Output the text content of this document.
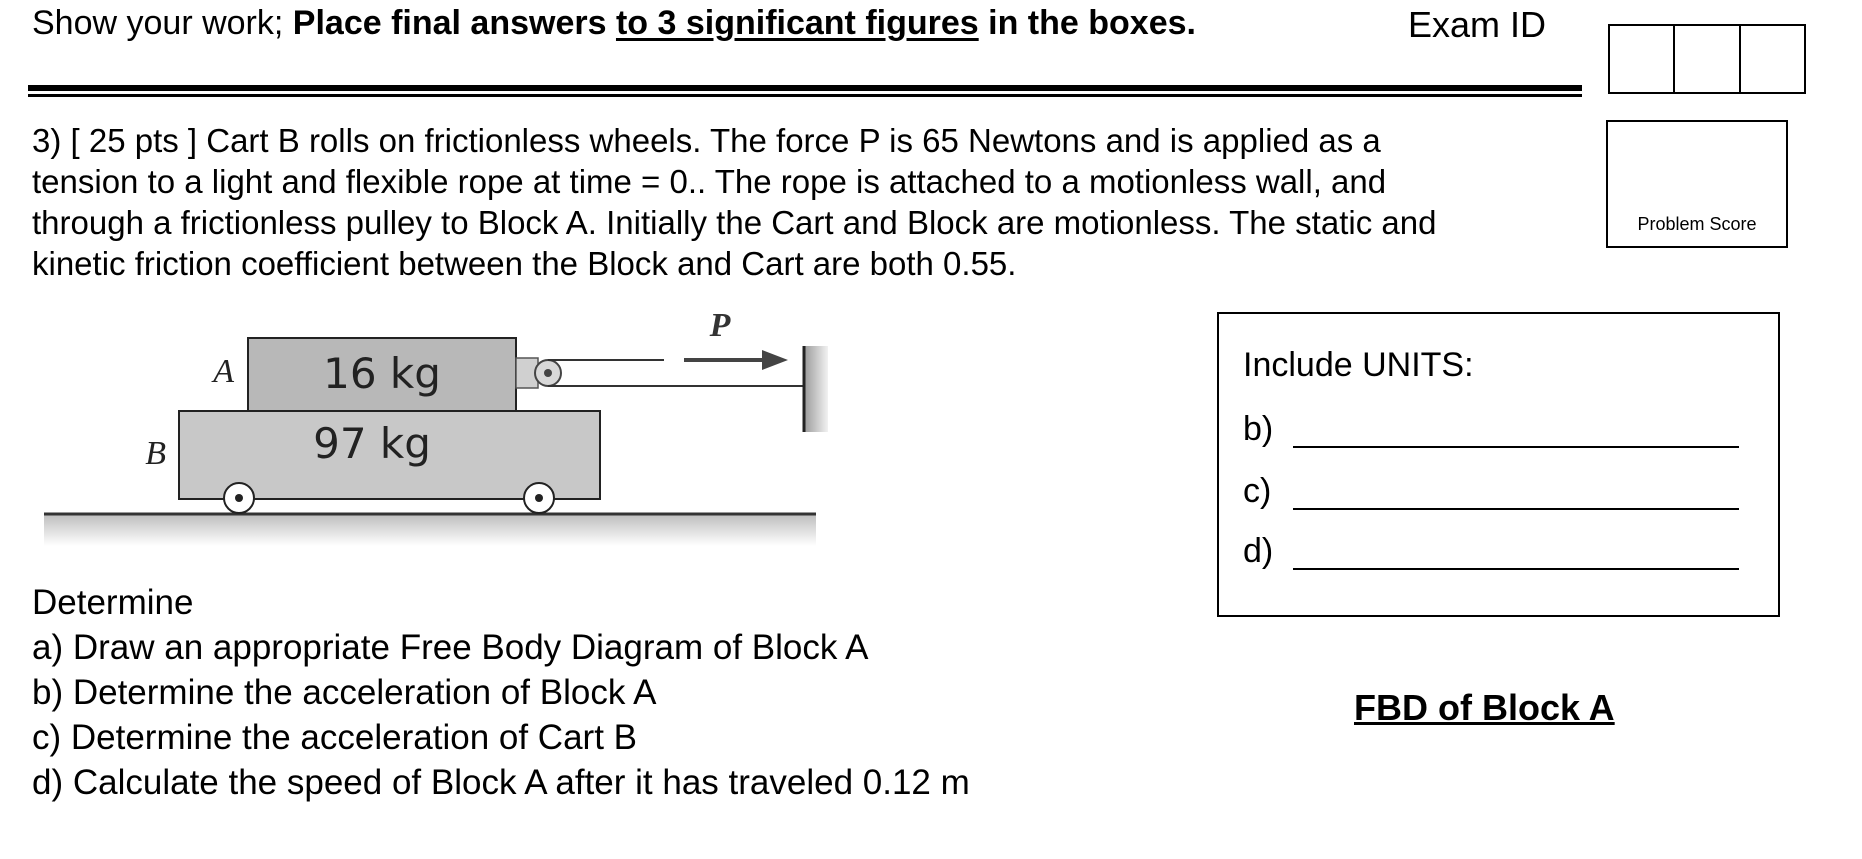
Show your work; Place final answers to 3 significant figures in the boxes.	Exam ID

3) [ 25 pts ] Cart B rolls on frictionless wheels. The force P is 65 Newtons and is applied as a

tension to a light and flexible rope at time = 0.. The rope is attached to a motionless wall, and

through a frictionless pulley to Block A. Initially the Cart and Block are motionless. The static and

kinetic friction coefficient between the Block and Cart are both 0.55.

Problem Score
A 16 kg
B	97 kg
P
Include UNITS:
b)
c)
d)

Determine

a) Draw an appropriate Free Body Diagram of Block A

b) Determine the acceleration of Block A

c) Determine the acceleration of Cart B

d) Calculate the speed of Block A after it has traveled 0.12 m

FBD of Block A
